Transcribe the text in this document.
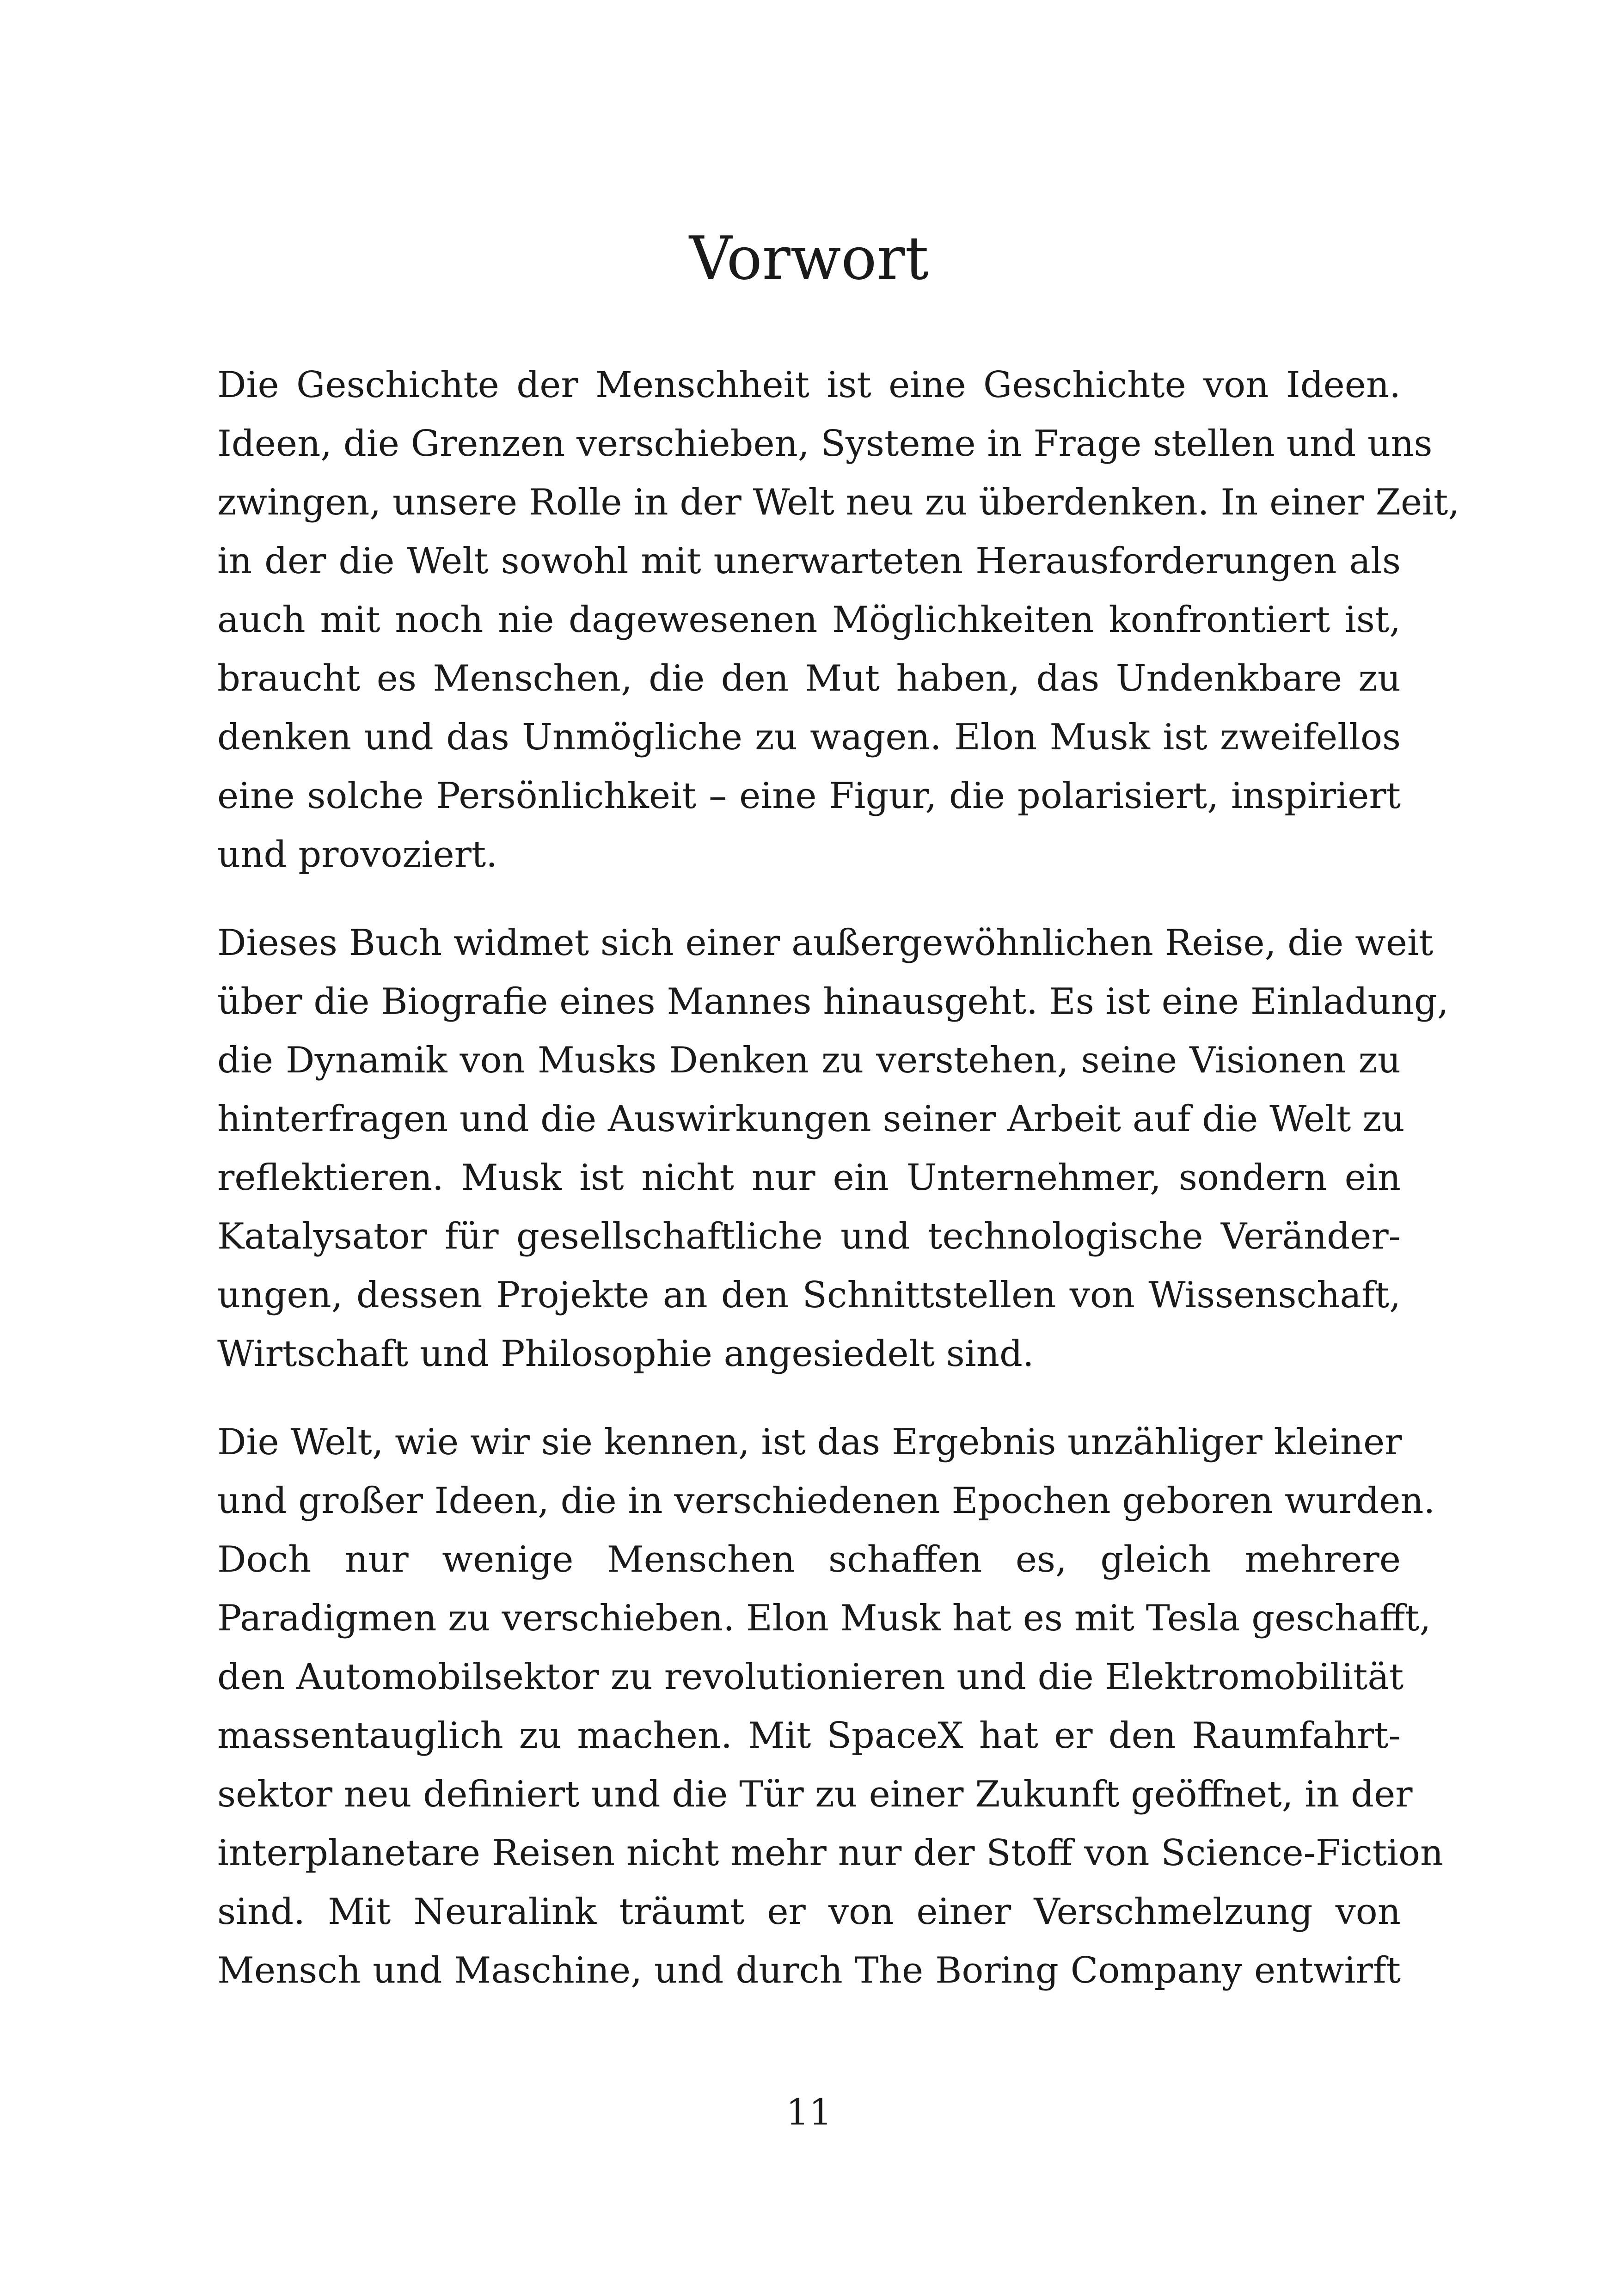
Vorwort

Die Geschichte der Menschheit ist eine Geschichte von Ideen.
Ideen, die Grenzen verschieben, Systeme in Frage stellen und uns
zwingen, unsere Rolle in der Welt neu zu überdenken. In einer Zeit,
in der die Welt sowohl mit unerwarteten Herausforderungen als
auch mit noch nie dagewesenen Möglichkeiten konfrontiert ist,
braucht es Menschen, die den Mut haben, das Undenkbare zu
denken und das Unmögliche zu wagen. Elon Musk ist zweifellos
eine solche Persönlichkeit – eine Figur, die polarisiert, inspiriert
und provoziert.

Dieses Buch widmet sich einer außergewöhnlichen Reise, die weit
über die Biografie eines Mannes hinausgeht. Es ist eine Einladung,
die Dynamik von Musks Denken zu verstehen, seine Visionen zu
hinterfragen und die Auswirkungen seiner Arbeit auf die Welt zu
reflektieren. Musk ist nicht nur ein Unternehmer, sondern ein
Katalysator für gesellschaftliche und technologische Veränder-
ungen, dessen Projekte an den Schnittstellen von Wissenschaft,
Wirtschaft und Philosophie angesiedelt sind.

Die Welt, wie wir sie kennen, ist das Ergebnis unzähliger kleiner
und großer Ideen, die in verschiedenen Epochen geboren wurden.
Doch nur wenige Menschen schaffen es, gleich mehrere
Paradigmen zu verschieben. Elon Musk hat es mit Tesla geschafft,
den Automobilsektor zu revolutionieren und die Elektromobilität
massentauglich zu machen. Mit SpaceX hat er den Raumfahrt-
sektor neu definiert und die Tür zu einer Zukunft geöffnet, in der
interplanetare Reisen nicht mehr nur der Stoff von Science-Fiction
sind. Mit Neuralink träumt er von einer Verschmelzung von
Mensch und Maschine, und durch The Boring Company entwirft

11
